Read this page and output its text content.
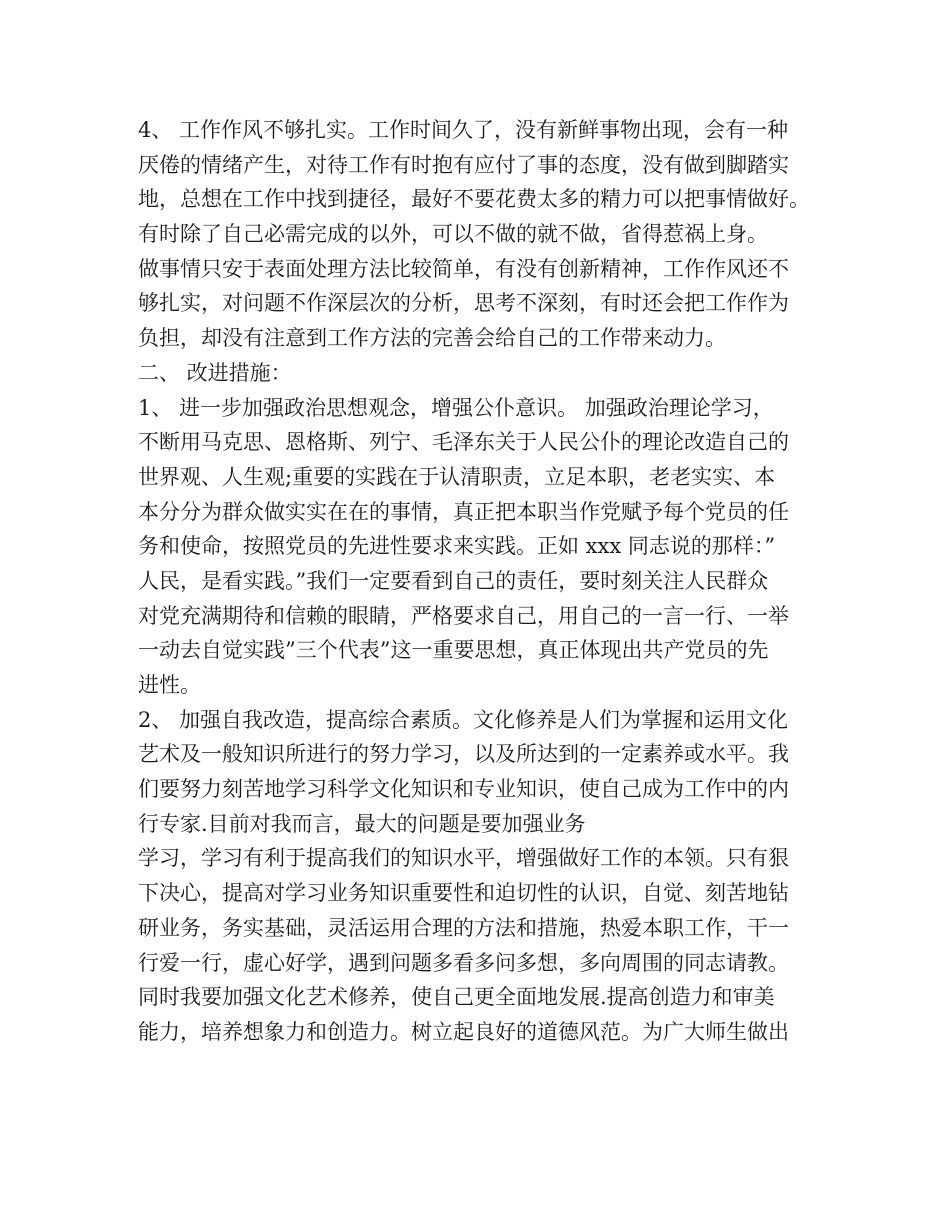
4、 工作作风不够扎实。工作时间久了，没有新鲜事物出现，会有一种
厌倦的情绪产生，对待工作有时抱有应付了事的态度，没有做到脚踏实
地，总想在工作中找到捷径，最好不要花费太多的精力可以把事情做好。
有时除了自己必需完成的以外，可以不做的就不做，省得惹祸上身。
做事情只安于表面处理方法比较简单，有没有创新精神，工作作风还不
够扎实，对问题不作深层次的分析，思考不深刻，有时还会把工作作为
负担，却没有注意到工作方法的完善会给自己的工作带来动力。
二、 改进措施：
1、 进一步加强政治思想观念，增强公仆意识。 加强政治理论学习，
不断用马克思、恩格斯、列宁、毛泽东关于人民公仆的理论改造自己的
世界观、人生观;重要的实践在于认清职责，立足本职，老老实实、本
本分分为群众做实实在在的事情，真正把本职当作党赋予每个党员的任
务和使命，按照党员的先进性要求来实践。正如 xxx 同志说的那样：”
人民，是看实践。”我们一定要看到自己的责任，要时刻关注人民群众
对党充满期待和信赖的眼睛，严格要求自己，用自己的一言一行、一举
一动去自觉实践”三个代表”这一重要思想，真正体现出共产党员的先
进性。
2、 加强自我改造，提高综合素质。文化修养是人们为掌握和运用文化
艺术及一般知识所进行的努力学习，以及所达到的一定素养或水平。我
们要努力刻苦地学习科学文化知识和专业知识，使自己成为工作中的内
行专家.目前对我而言，最大的问题是要加强业务
学习，学习有利于提高我们的知识水平，增强做好工作的本领。只有狠
下决心，提高对学习业务知识重要性和迫切性的认识，自觉、刻苦地钻
研业务，务实基础，灵活运用合理的方法和措施，热爱本职工作，干一
行爱一行，虚心好学，遇到问题多看多问多想，多向周围的同志请教。
同时我要加强文化艺术修养，使自己更全面地发展.提高创造力和审美
能力，培养想象力和创造力。树立起良好的道德风范。为广大师生做出
